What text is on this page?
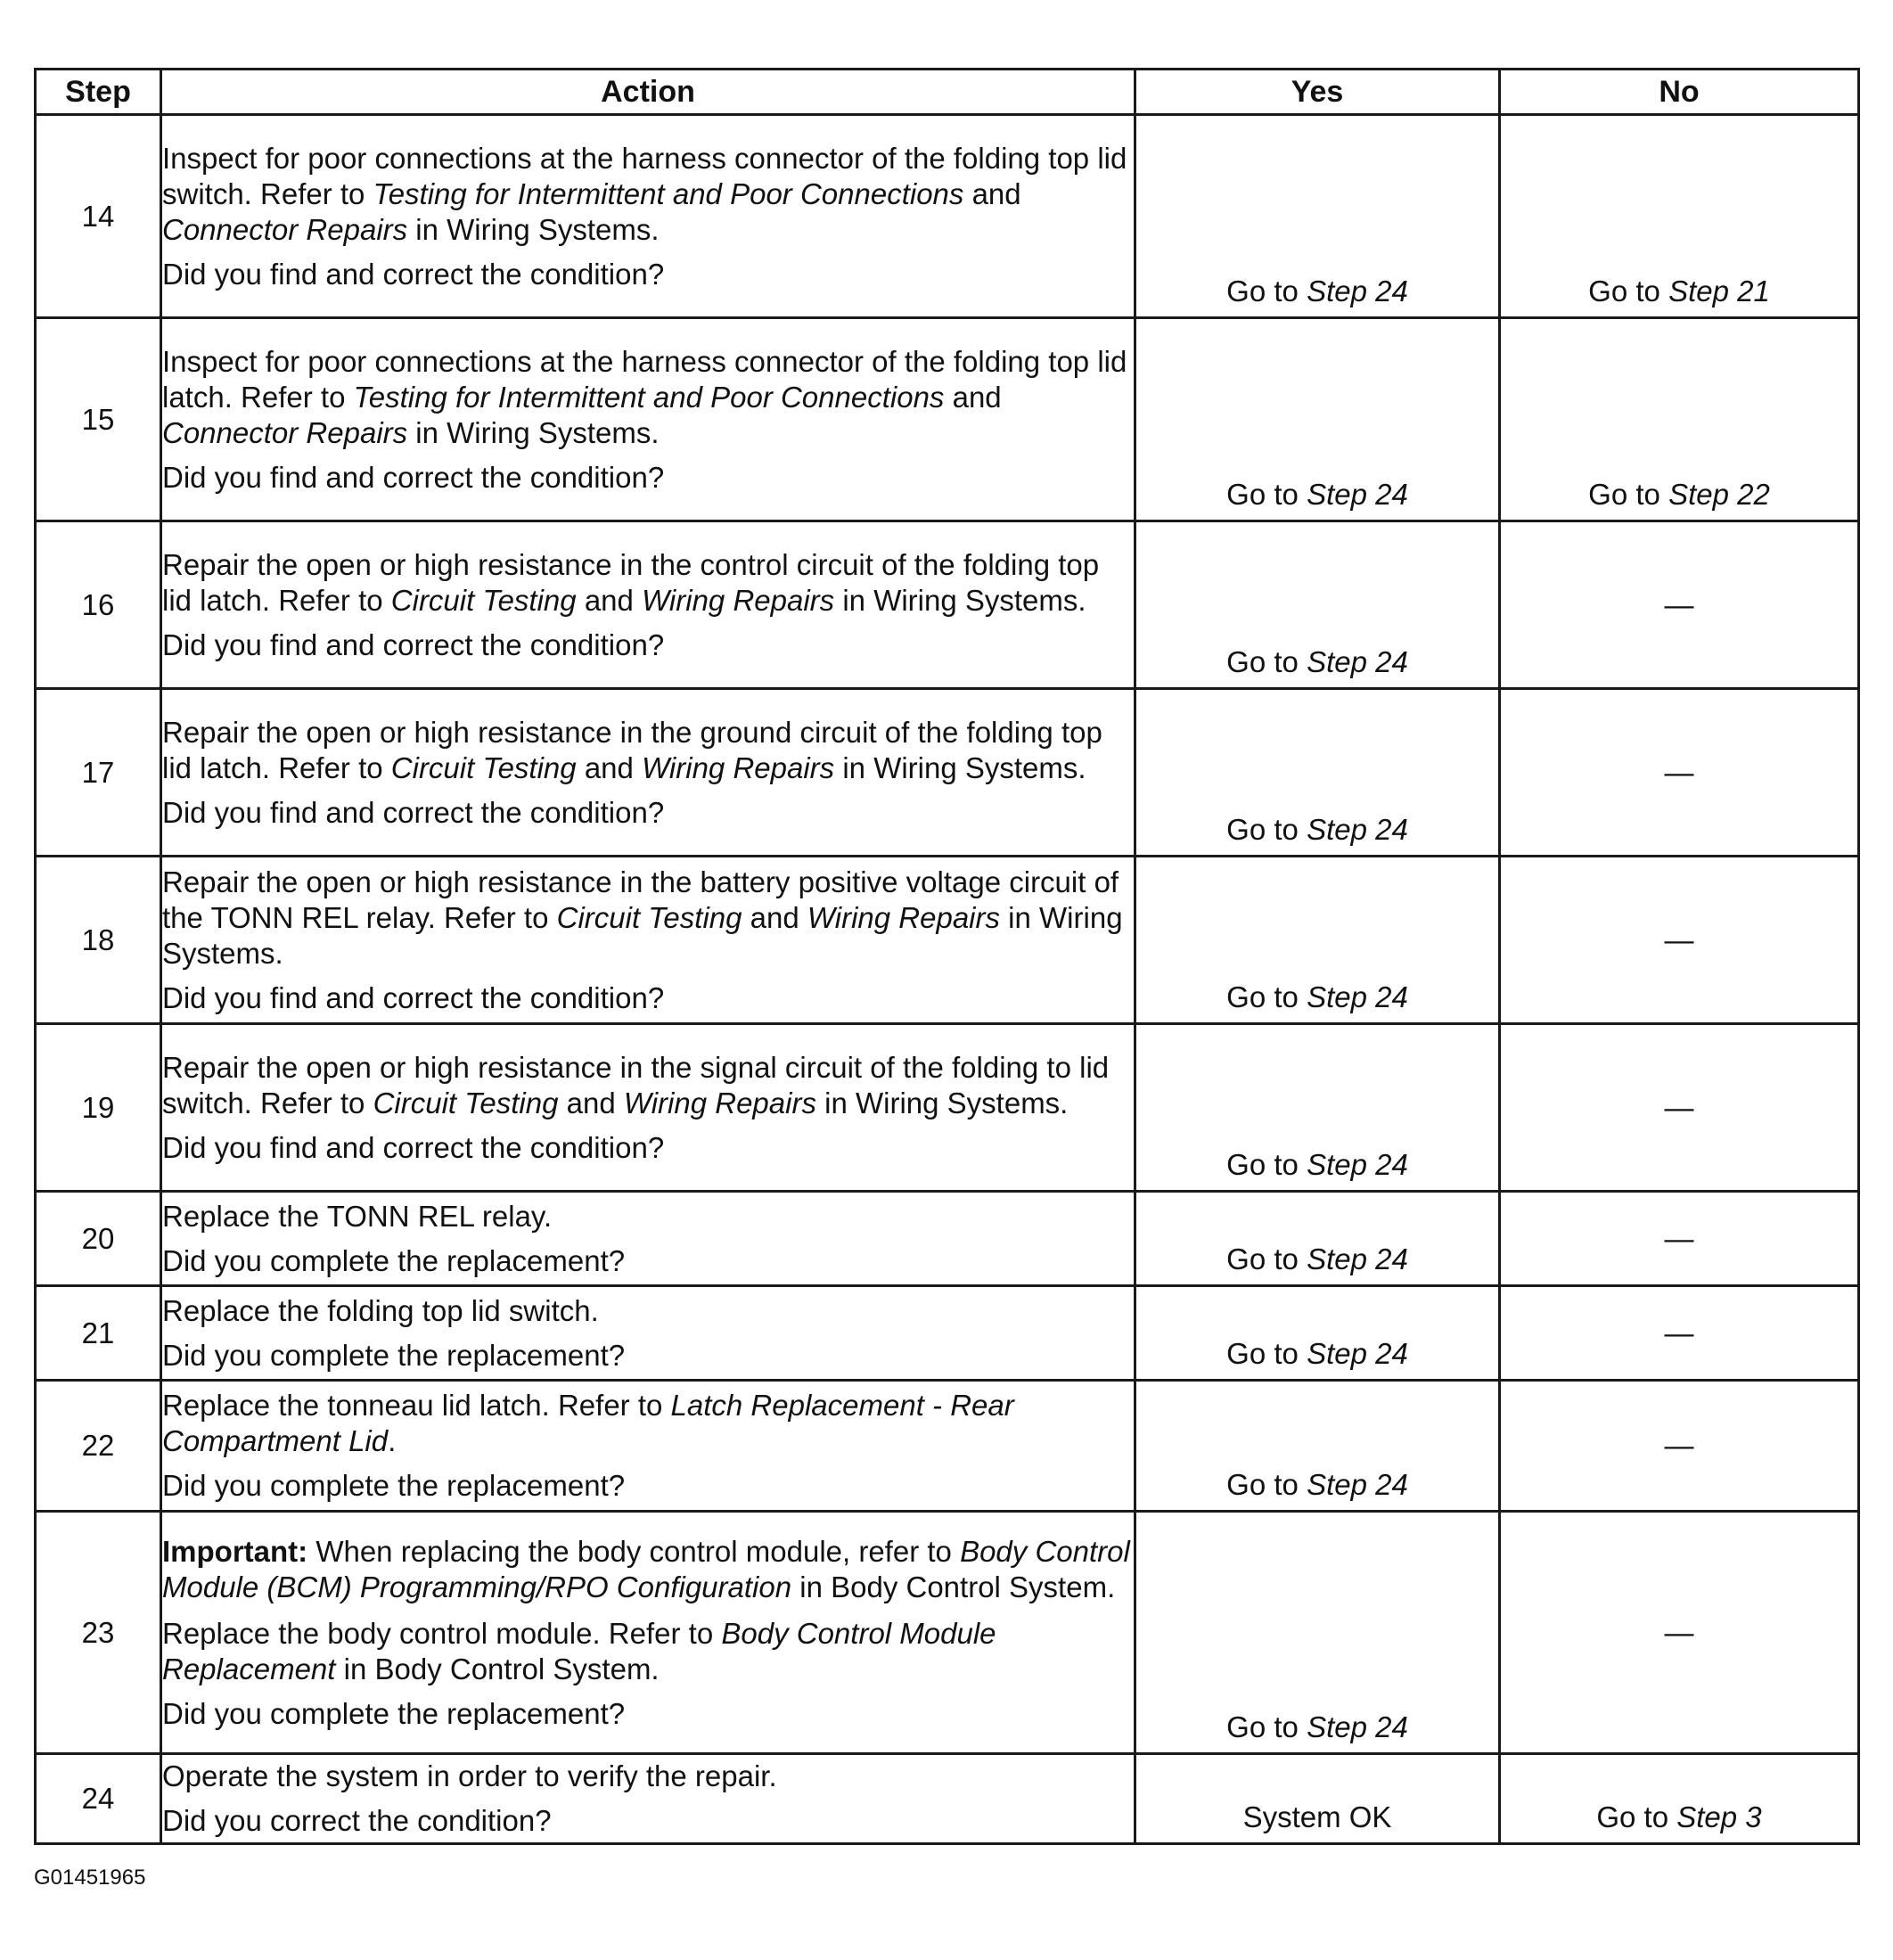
Step	Action	Yes	No
14	Inspect for poor connections at the harness connector of the folding top lid switch. Refer to Testing for Intermittent and Poor Connections and Connector Repairs in Wiring Systems.

Did you find and correct the condition?	Go to Step 24	Go to Step 21

15	Inspect for poor connections at the harness connector of the folding top lid latch. Refer to Testing for Intermittent and Poor Connections and Connector Repairs in Wiring Systems.

Did you find and correct the condition?	Go to Step 24	Go to Step 22

16	Repair the open or high resistance in the control circuit of the folding top lid latch. Refer to Circuit Testing and Wiring Repairs in Wiring Systems.

Did you find and correct the condition?	Go to Step 24	—
17	Repair the open or high resistance in the ground circuit of the folding top lid latch. Refer to Circuit Testing and Wiring Repairs in Wiring Systems.

Did you find and correct the condition?	Go to Step 24	—
18	Repair the open or high resistance in the battery positive voltage circuit of the TONN REL relay. Refer to Circuit Testing and Wiring Repairs in Wiring Systems.

Did you find and correct the condition?	Go to Step 24	—
19	Repair the open or high resistance in the signal circuit of the folding to lid switch. Refer to Circuit Testing and Wiring Repairs in Wiring Systems.

Did you find and correct the condition?	Go to Step 24	—
20	Replace the TONN REL relay.

Did you complete the replacement?	Go to Step 24	—
21	Replace the folding top lid switch.

Did you complete the replacement?	Go to Step 24	—
22	Replace the tonneau lid latch. Refer to Latch Replacement - Rear Compartment Lid.

Did you complete the replacement?	Go to Step 24	—
23	Important: When replacing the body control module, refer to Body Control Module (BCM) Programming/RPO Configuration in Body Control System.

Replace the body control module. Refer to Body Control Module Replacement in Body Control System.

Did you complete the replacement?	Go to Step 24	—
24	Operate the system in order to verify the repair.

Did you correct the condition?	System OK	Go to Step 3
G01451965
